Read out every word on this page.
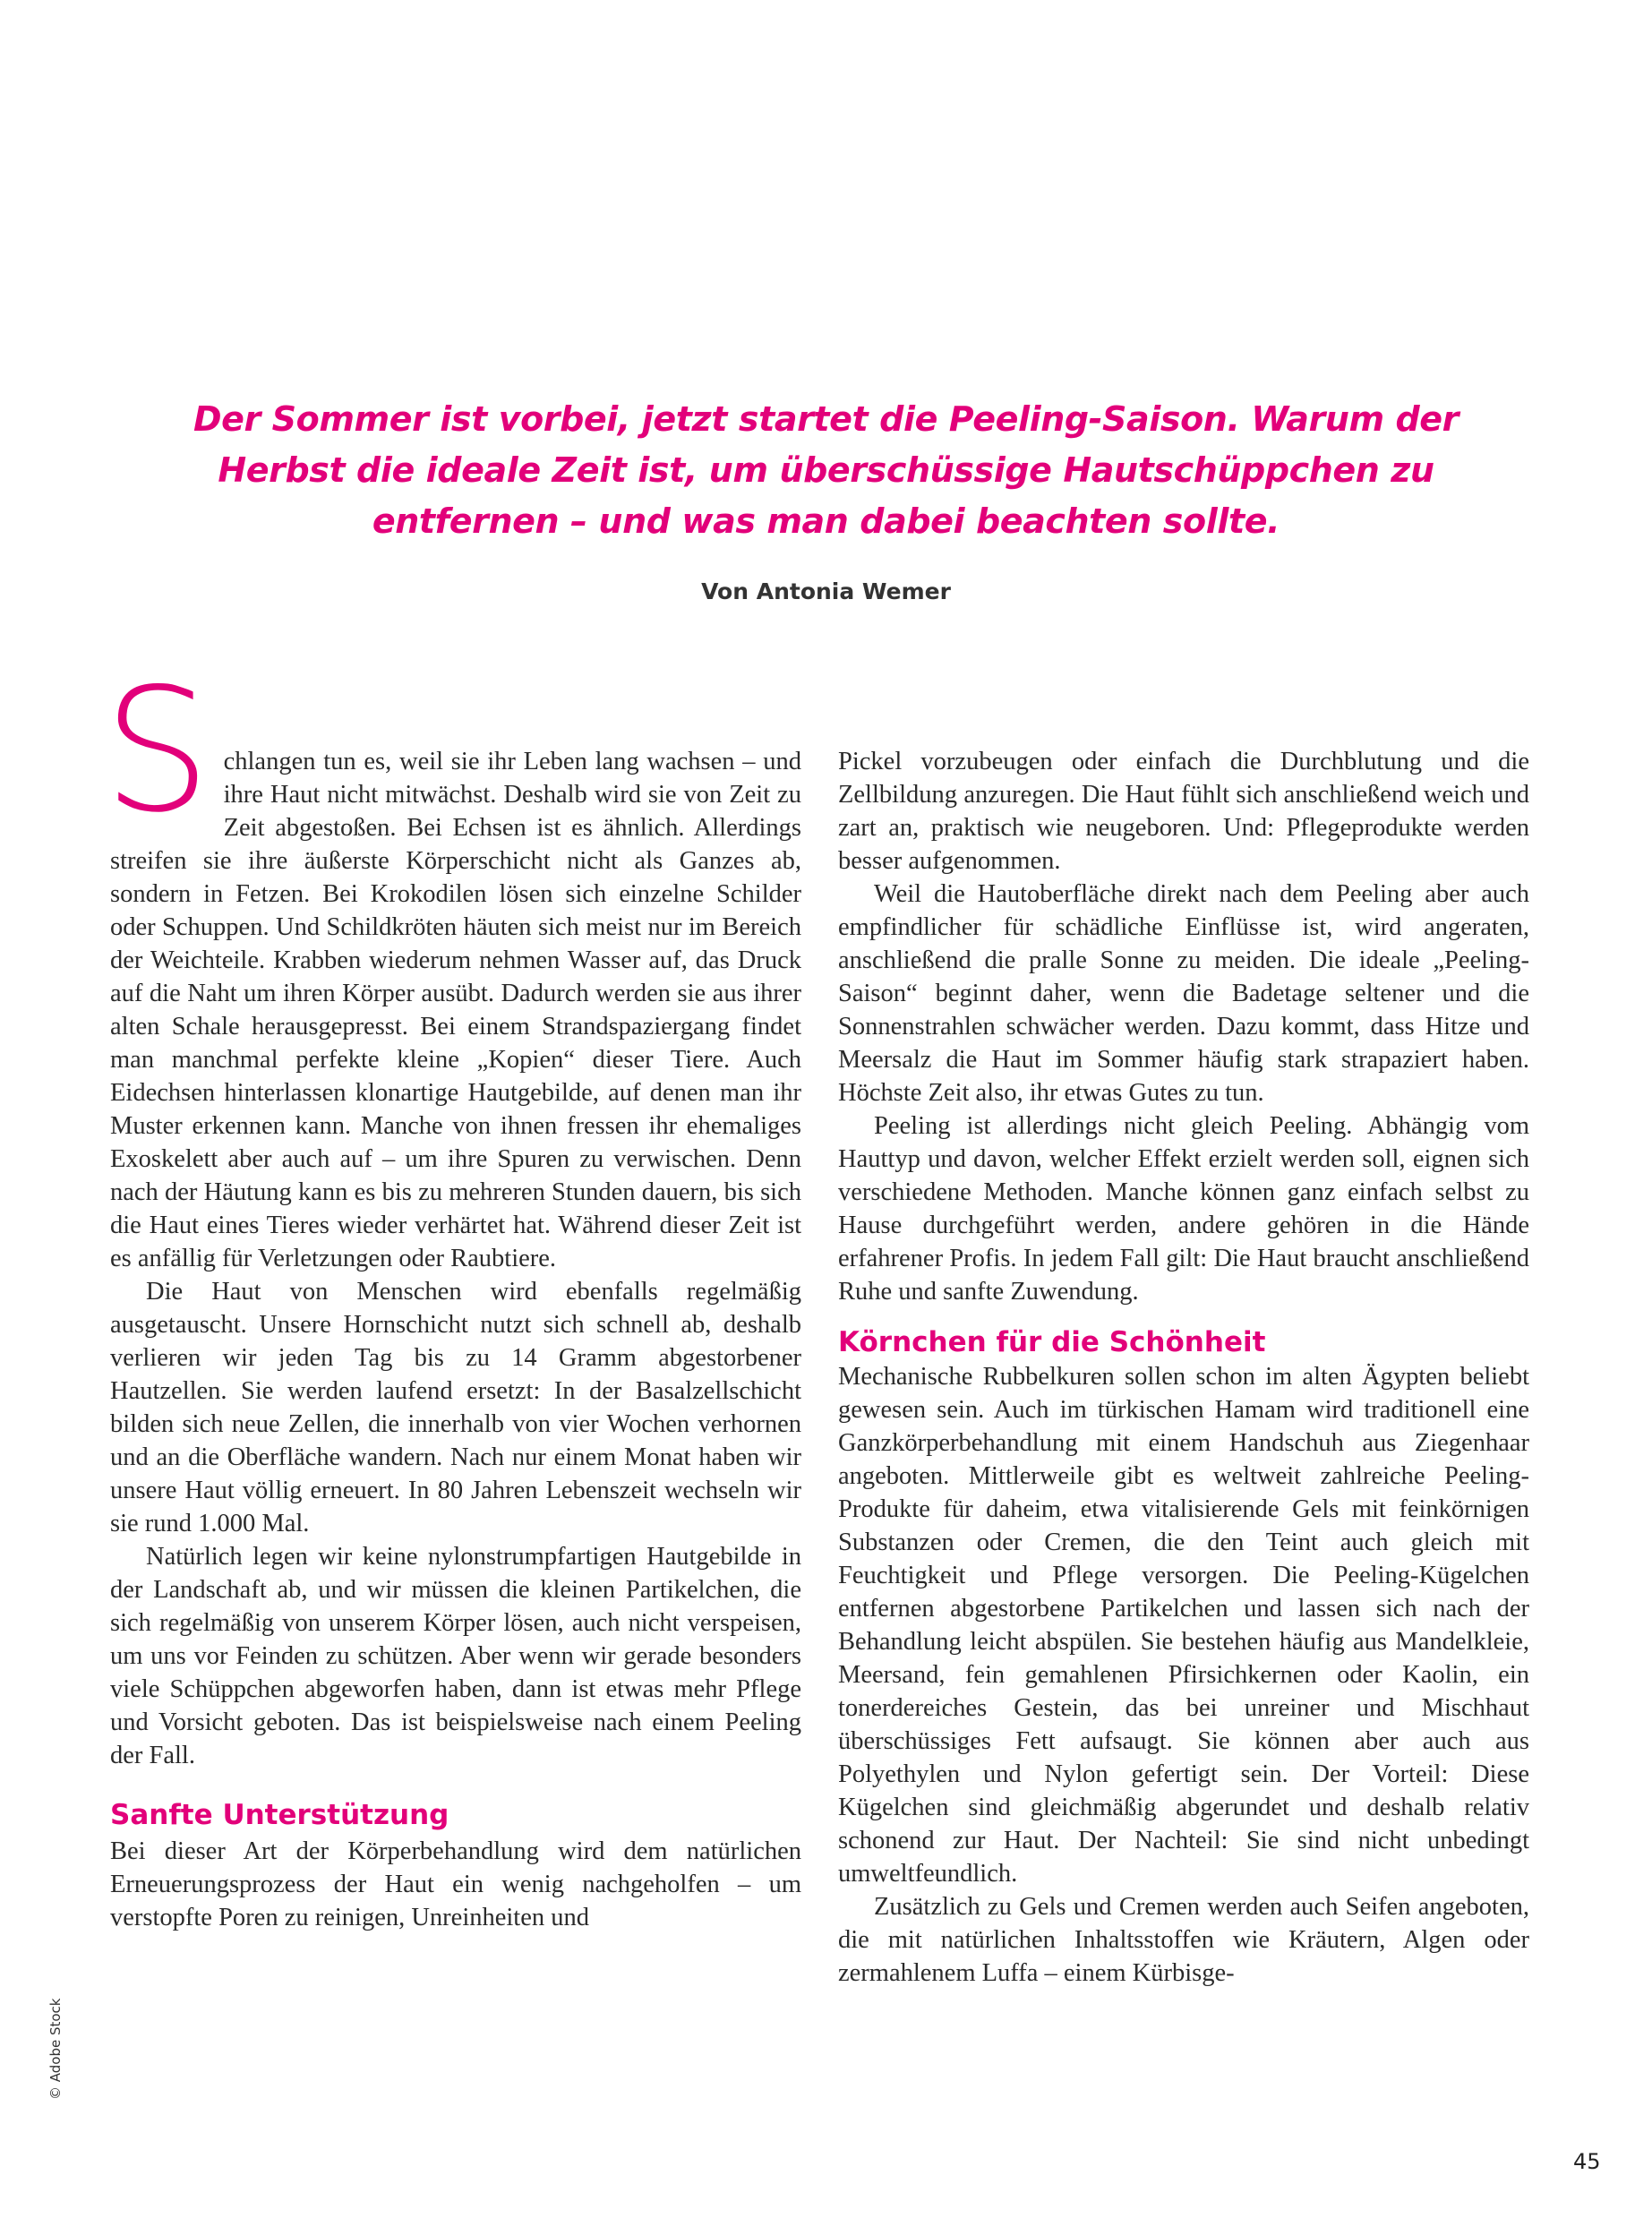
Der Sommer ist vorbei, jetzt startet die Peeling-Saison. Warum der Herbst die ideale Zeit ist, um überschüssige Hautschüppchen zu entfernen – und was man dabei beachten sollte.
Von Antonia Wemer

Schlangen tun es, weil sie ihr Leben lang wachsen – und ihre Haut nicht mitwächst. Deshalb wird sie von Zeit zu Zeit abgestoßen. Bei Echsen ist es ähnlich. Allerdings streifen sie ihre äußerste Körperschicht nicht als Ganzes ab, sondern in Fetzen. Bei Krokodilen lösen sich einzelne Schilder oder Schuppen. Und Schildkröten häuten sich meist nur im Bereich der Weichteile. Krabben wiederum nehmen Wasser auf, das Druck auf die Naht um ihren Körper ausübt. Dadurch werden sie aus ihrer alten Schale herausgepresst. Bei einem Strandspaziergang findet man manchmal perfekte kleine „Kopien“ dieser Tiere. Auch Eidechsen hinterlassen klonartige Hautgebilde, auf denen man ihr Muster erkennen kann. Manche von ihnen fressen ihr ehemaliges Exoskelett aber auch auf – um ihre Spuren zu verwischen. Denn nach der Häutung kann es bis zu mehreren Stunden dauern, bis sich die Haut eines Tieres wieder verhärtet hat. Während dieser Zeit ist es anfällig für Verletzungen oder Raubtiere.

Die Haut von Menschen wird ebenfalls regelmäßig ausgetauscht. Unsere Hornschicht nutzt sich schnell ab, deshalb verlieren wir jeden Tag bis zu 14 Gramm abgestorbener Hautzellen. Sie werden laufend ersetzt: In der Basalzellschicht bilden sich neue Zellen, die innerhalb von vier Wochen verhornen und an die Oberfläche wandern. Nach nur einem Monat haben wir unsere Haut völlig erneuert. In 80 Jahren Lebenszeit wechseln wir sie rund 1.000 Mal.

Natürlich legen wir keine nylonstrumpfartigen Hautgebilde in der Landschaft ab, und wir müssen die kleinen Partikelchen, die sich regelmäßig von unserem Körper lösen, auch nicht verspeisen, um uns vor Feinden zu schützen. Aber wenn wir gerade besonders viele Schüppchen abgeworfen haben, dann ist etwas mehr Pflege und Vorsicht geboten. Das ist beispielsweise nach einem Peeling der Fall.

Sanfte Unterstützung

Bei dieser Art der Körperbehandlung wird dem natürlichen Erneuerungsprozess der Haut ein wenig nachgeholfen – um verstopfte Poren zu reinigen, Unreinheiten und

Pickel vorzubeugen oder einfach die Durchblutung und die Zellbildung anzuregen. Die Haut fühlt sich anschließend weich und zart an, praktisch wie neugeboren. Und: Pflegeprodukte werden besser aufgenommen.

Weil die Hautoberfläche direkt nach dem Peeling aber auch empfindlicher für schädliche Einflüsse ist, wird angeraten, anschließend die pralle Sonne zu meiden. Die ideale „Peeling-Saison“ beginnt daher, wenn die Badetage seltener und die Sonnenstrahlen schwächer werden. Dazu kommt, dass Hitze und Meersalz die Haut im Sommer häufig stark strapaziert haben. Höchste Zeit also, ihr etwas Gutes zu tun.

Peeling ist allerdings nicht gleich Peeling. Abhängig vom Hauttyp und davon, welcher Effekt erzielt werden soll, eignen sich verschiedene Methoden. Manche können ganz einfach selbst zu Hause durchgeführt werden, andere gehören in die Hände erfahrener Profis. In jedem Fall gilt: Die Haut braucht anschließend Ruhe und sanfte Zuwendung.

Körnchen für die Schönheit

Mechanische Rubbelkuren sollen schon im alten Ägypten beliebt gewesen sein. Auch im türkischen Hamam wird traditionell eine Ganzkörperbehandlung mit einem Handschuh aus Ziegenhaar angeboten. Mittlerweile gibt es weltweit zahlreiche Peeling-Produkte für daheim, etwa vitalisierende Gels mit feinkörnigen Substanzen oder Cremen, die den Teint auch gleich mit Feuchtigkeit und Pflege versorgen. Die Peeling-Kügelchen entfernen abgestorbene Partikelchen und lassen sich nach der Behandlung leicht abspülen. Sie bestehen häufig aus Mandelkleie, Meersand, fein gemahlenen Pfirsichkernen oder Kaolin, ein tonerdereiches Gestein, das bei unreiner und Mischhaut überschüssiges Fett aufsaugt. Sie können aber auch aus Polyethylen und Nylon gefertigt sein. Der Vorteil: Diese Kügelchen sind gleichmäßig abgerundet und deshalb relativ schonend zur Haut. Der Nachteil: Sie sind nicht unbedingt umweltfeundlich.

Zusätzlich zu Gels und Cremen werden auch Seifen angeboten, die mit natürlichen Inhaltsstoffen wie Kräutern, Algen oder zermahlenem Luffa – einem Kürbisge-

© Adobe Stock
45
